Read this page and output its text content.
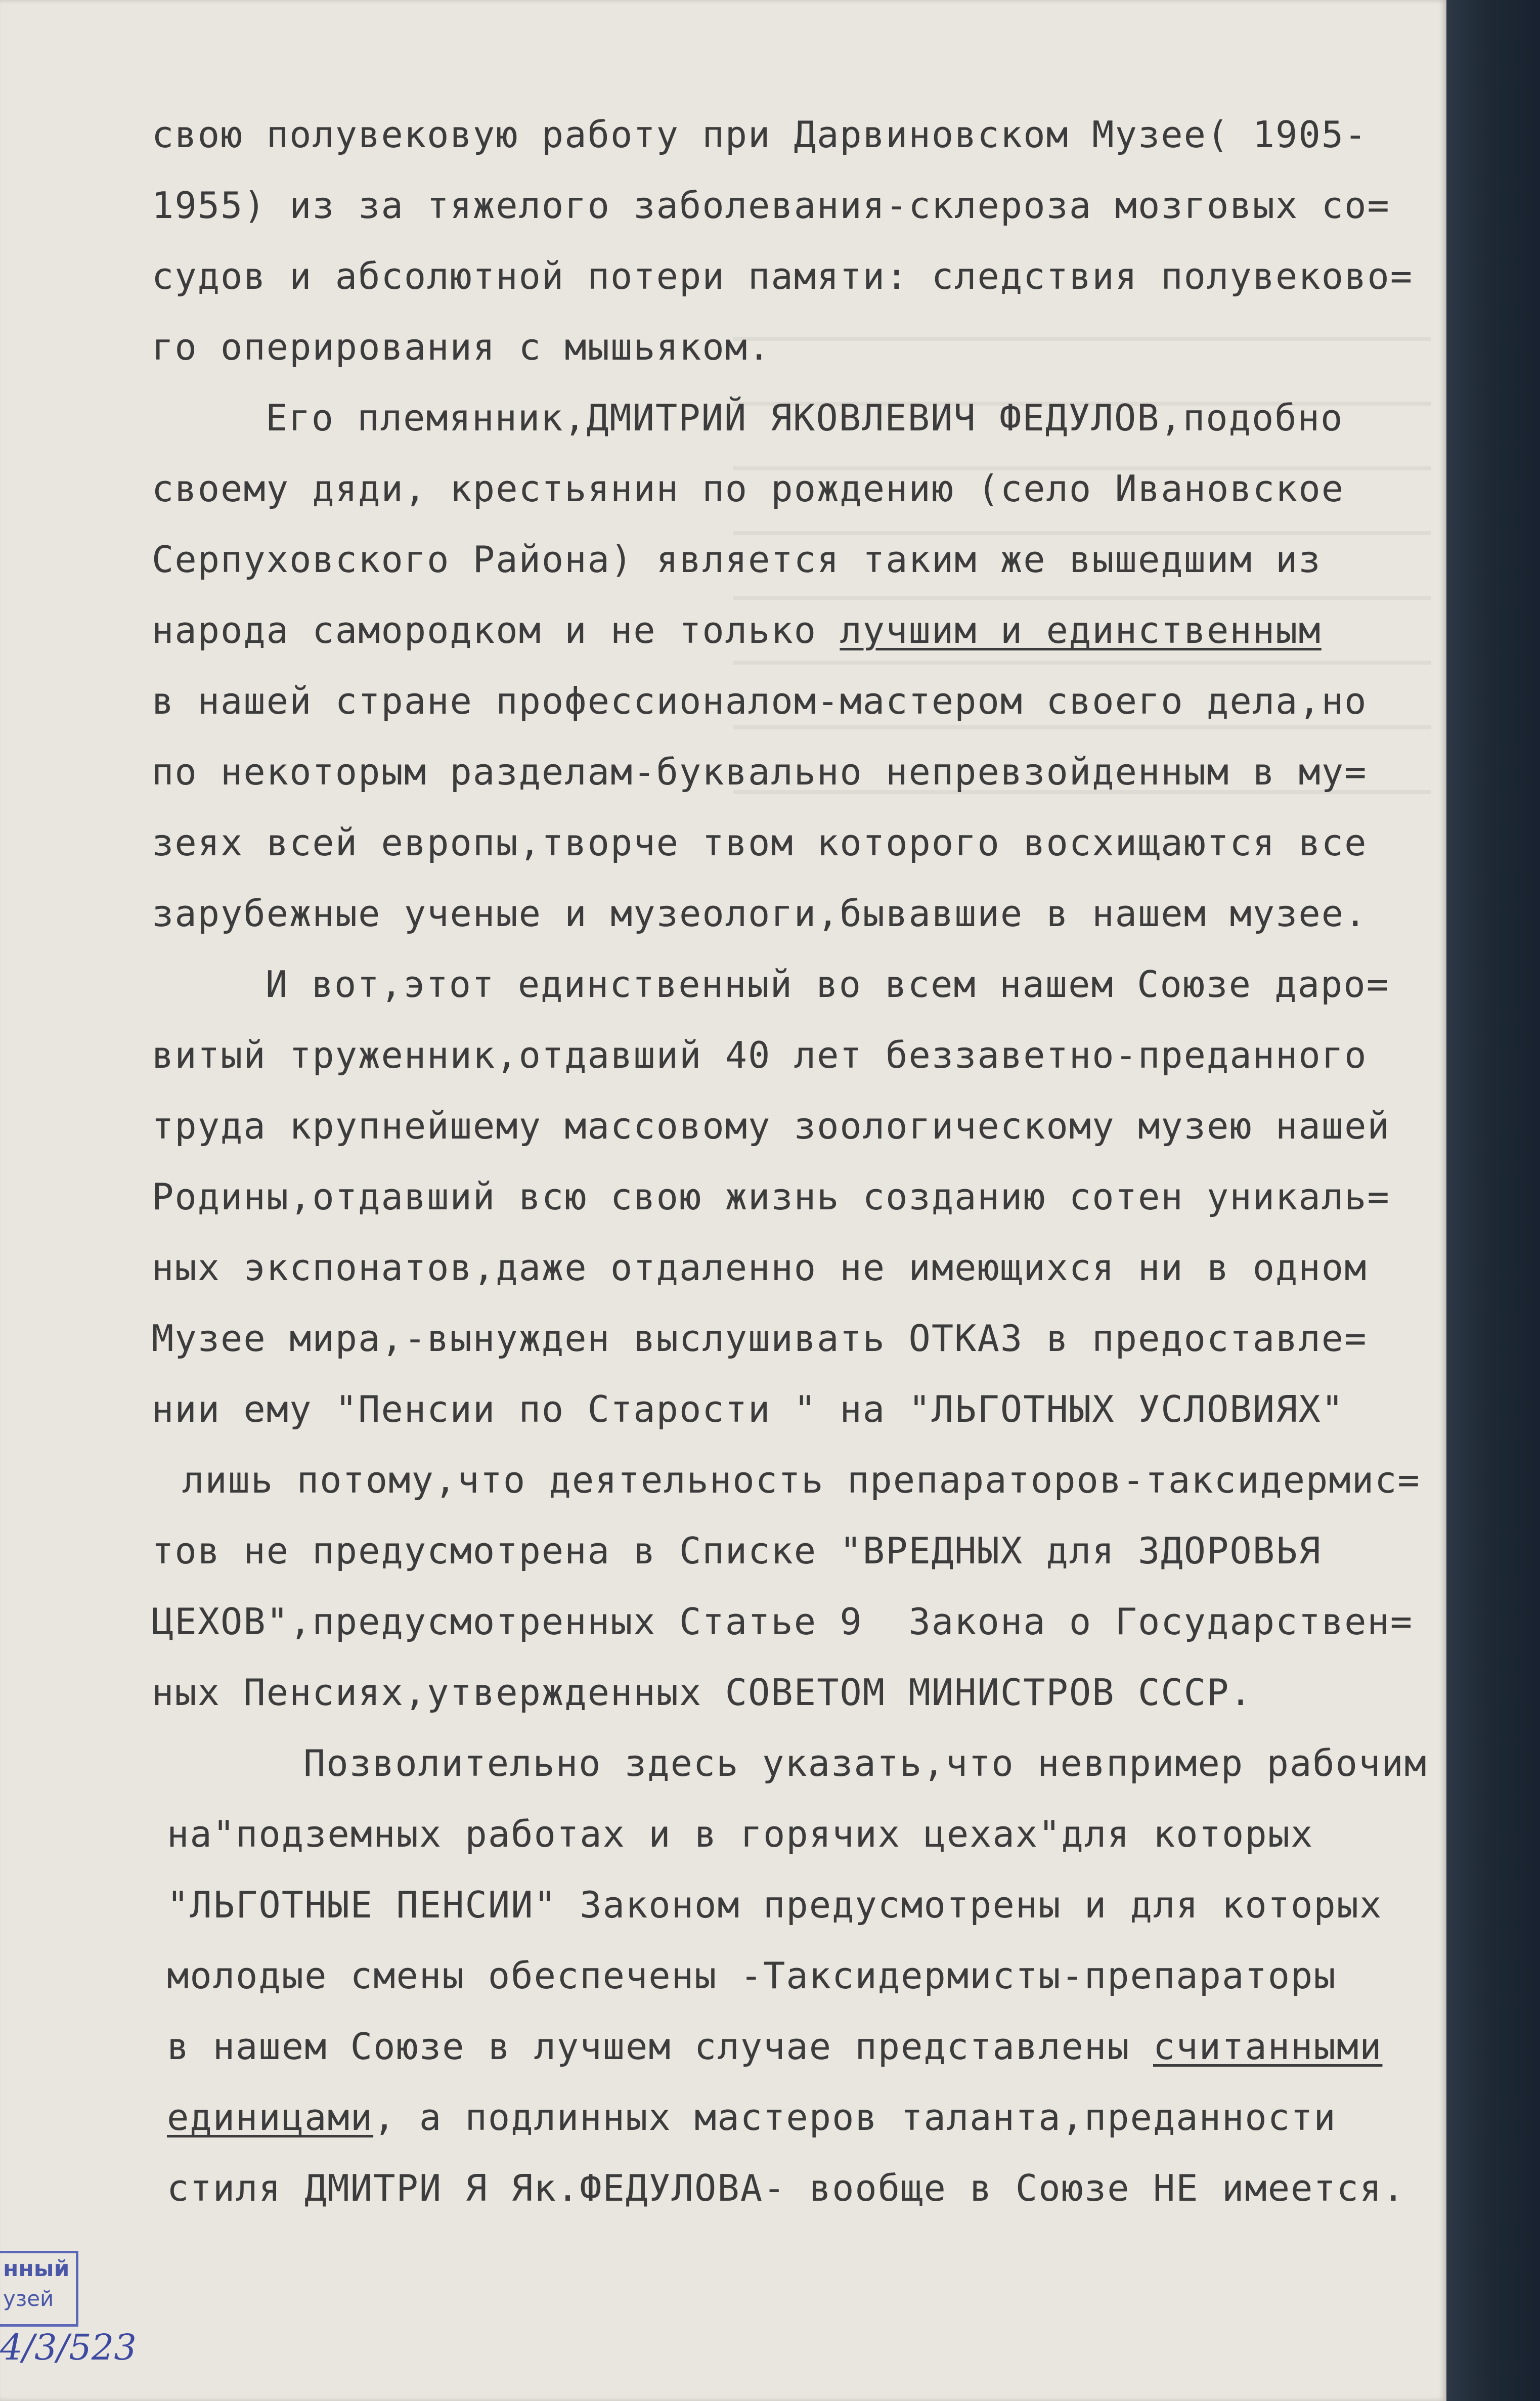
свою полувековую работу при Дарвиновском Музее( 1905-
1955) из за тяжелого заболевания-склероза мозговых со=
судов и абсолютной потери памяти: следствия полувеково=
го оперирования с мышьяком.
Его племянник,ДМИТРИЙ ЯКОВЛЕВИЧ ФЕДУЛОВ,подобно
своему дяди, крестьянин по рождению (село Ивановское
Серпуховского Района) является таким же вышедшим из
народа самородком и не только лучшим и единственным
в нашей стране профессионалом-мастером своего дела,но
по некоторым разделам-буквально непревзойденным в му=
зеях всей европы,творче твом которого восхищаются все
зарубежные ученые и музеологи,бывавшие в нашем музее.
И вот,этот единственный во всем нашем Союзе даро=
витый труженник,отдавший 40 лет беззаветно-преданного
труда крупнейшему массовому зоологическому музею нашей
Родины,отдавший всю свою жизнь созданию сотен уникаль=
ных экспонатов,даже отдаленно не имеющихся ни в одном
Музее мира,-вынужден выслушивать ОТКАЗ в предоставле=
нии ему "Пенсии по Старости " на "ЛЬГОТНЫХ УСЛОВИЯХ"
лишь потому,что деятельность препараторов-таксидермис=
тов не предусмотрена в Списке "ВРЕДНЫХ для ЗДОРОВЬЯ
ЦЕХОВ",предусмотренных Статье 9  Закона о Государствен=
ных Пенсиях,утвержденных СОВЕТОМ МИНИСТРОВ СССР.
Позволительно здесь указать,что невпример рабочим
на"подземных работах и в горячих цехах"для которых
"ЛЬГОТНЫЕ ПЕНСИИ" Законом предусмотрены и для которых
молодые смены обеспечены -Таксидермисты-препараторы
в нашем Союзе в лучшем случае представлены считанными
единицами, а подлинных мастеров таланта,преданности
стиля ДМИТРИ Я Як.ФЕДУЛОВА- вообще в Союзе НЕ имеется.
нный
узей
4/3/523
